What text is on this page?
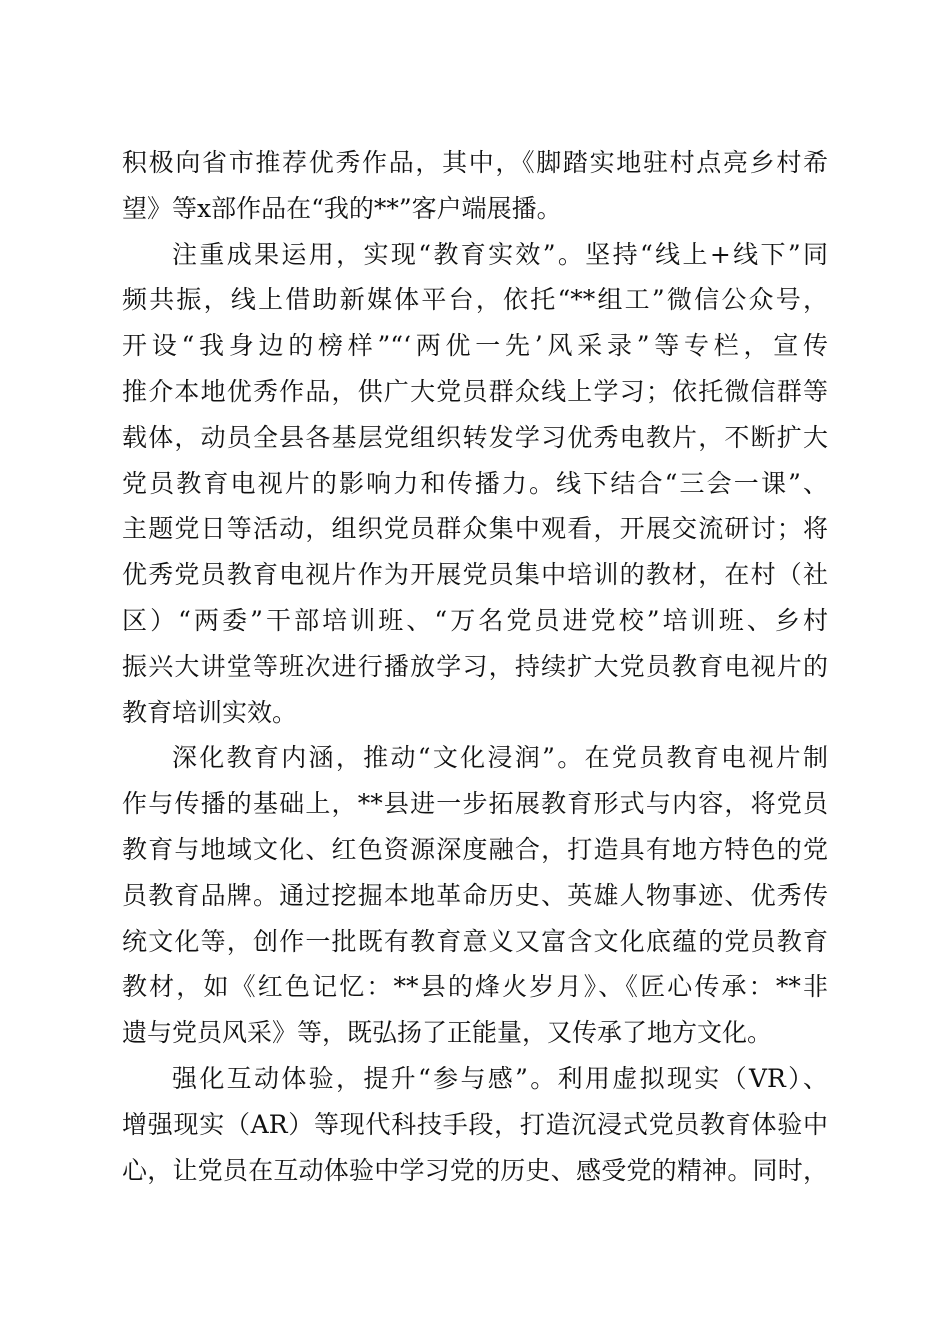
积极向省市推荐优秀作品，其中，《脚踏实地驻村点亮乡村希
望》等x部作品在“我的**”客户端展播。
注重成果运用，实现“教育实效”。坚持“线上+线下”同
频共振，线上借助新媒体平台，依托“**组工”微信公众号，
开设“我身边的榜样”“‘两优一先’风采录”等专栏，宣传
推介本地优秀作品，供广大党员群众线上学习；依托微信群等
载体，动员全县各基层党组织转发学习优秀电教片，不断扩大
党员教育电视片的影响力和传播力。线下结合“三会一课”、
主题党日等活动，组织党员群众集中观看，开展交流研讨；将
优秀党员教育电视片作为开展党员集中培训的教材，在村（社
区）“两委”干部培训班、“万名党员进党校”培训班、乡村
振兴大讲堂等班次进行播放学习，持续扩大党员教育电视片的
教育培训实效。
深化教育内涵，推动“文化浸润”。在党员教育电视片制
作与传播的基础上，**县进一步拓展教育形式与内容，将党员
教育与地域文化、红色资源深度融合，打造具有地方特色的党
员教育品牌。通过挖掘本地革命历史、英雄人物事迹、优秀传
统文化等，创作一批既有教育意义又富含文化底蕴的党员教育
教材，如《红色记忆：**县的烽火岁月》、《匠心传承：**非
遗与党员风采》等，既弘扬了正能量，又传承了地方文化。
强化互动体验，提升“参与感”。利用虚拟现实（VR）、
增强现实（AR）等现代科技手段，打造沉浸式党员教育体验中
心，让党员在互动体验中学习党的历史、感受党的精神。同时，
